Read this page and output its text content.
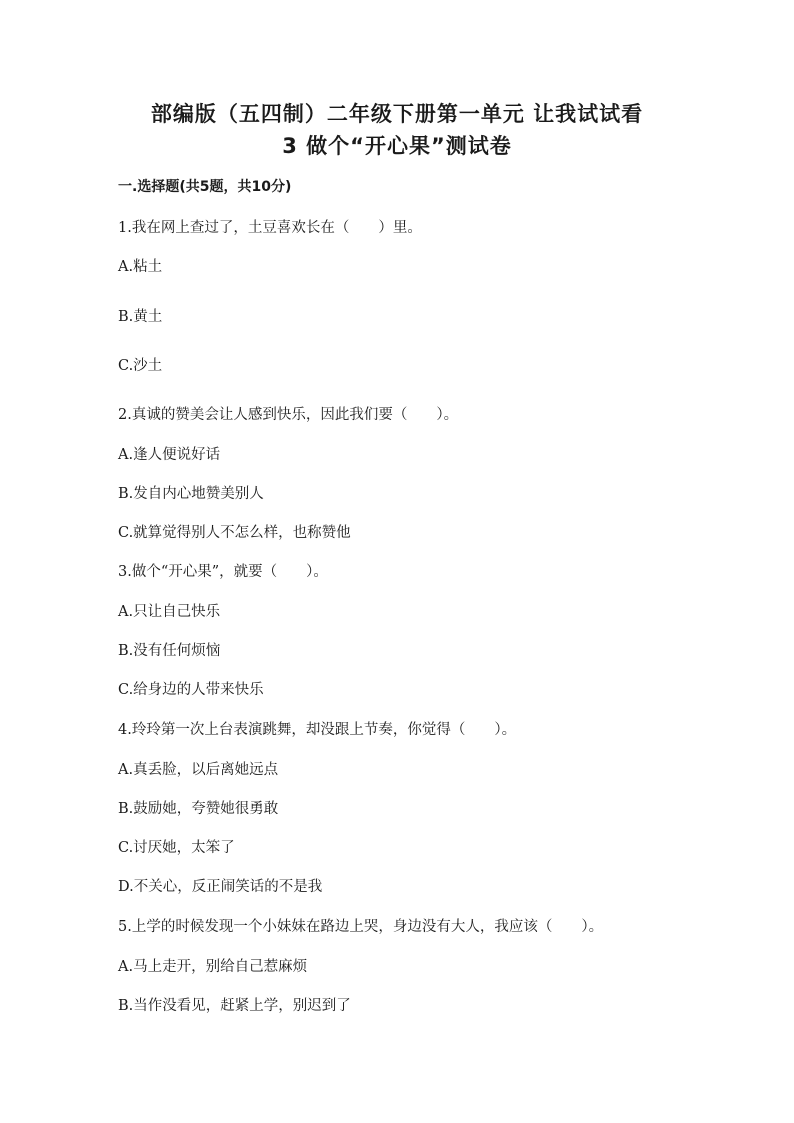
部编版（五四制）二年级下册第一单元 让我试试看
3 做个“开心果”测试卷
一.选择题(共5题，共10分)
1.我在网上查过了，土豆喜欢长在（　　）里。
A.粘土
B.黄土
C.沙土
2.真诚的赞美会让人感到快乐，因此我们要（　　）。
A.逢人便说好话
B.发自内心地赞美别人
C.就算觉得别人不怎么样，也称赞他
3.做个“开心果”，就要（　　）。
A.只让自己快乐
B.没有任何烦恼
C.给身边的人带来快乐
4.玲玲第一次上台表演跳舞，却没跟上节奏，你觉得（　　）。
A.真丢脸，以后离她远点
B.鼓励她，夸赞她很勇敢
C.讨厌她，太笨了
D.不关心，反正闹笑话的不是我
5.上学的时候发现一个小妹妹在路边上哭，身边没有大人，我应该（　　）。
A.马上走开，别给自己惹麻烦
B.当作没看见，赶紧上学，别迟到了
